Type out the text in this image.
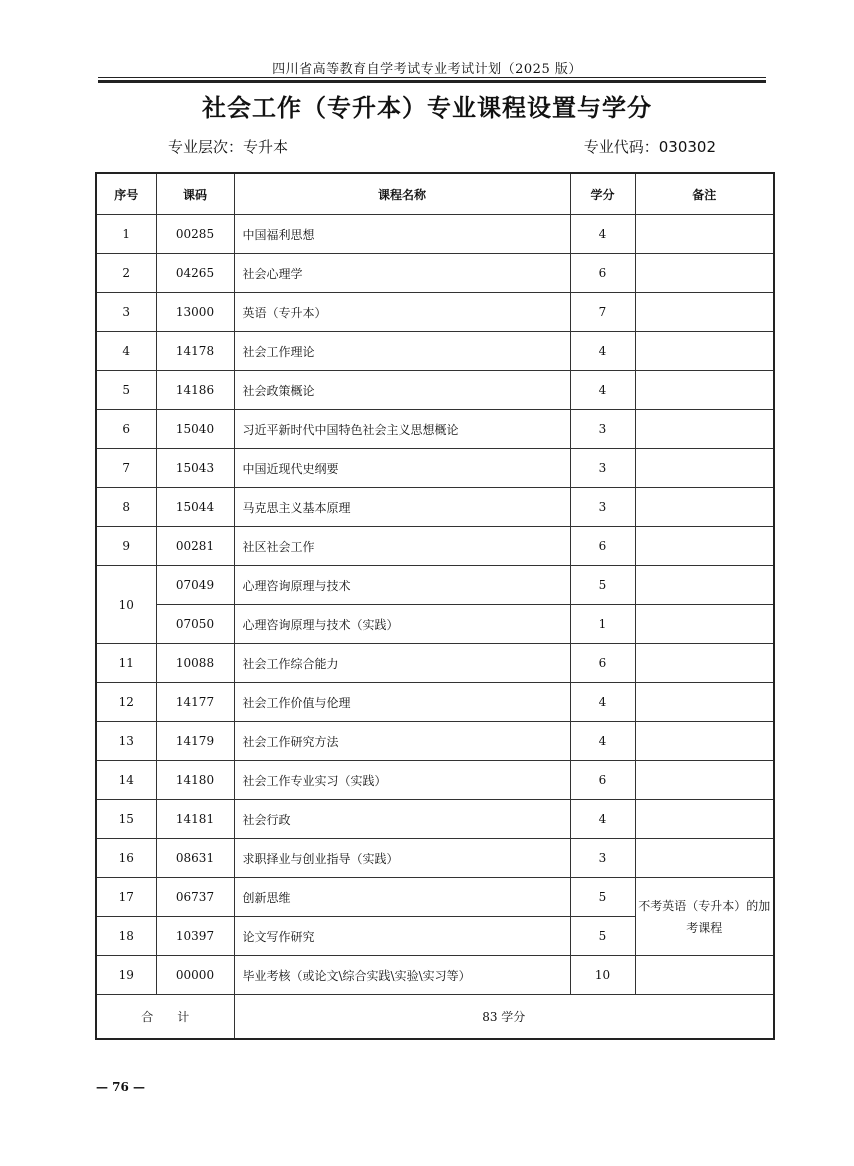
四川省高等教育自学考试专业考试计划（2025 版）
社会工作（专升本）专业课程设置与学分
专业层次：专升本	专业代码：030302
序号	课码	课程名称	学分	备注
1	00285	中国福利思想	4	
2	04265	社会心理学	6	
3	13000	英语（专升本）	7	
4	14178	社会工作理论	4	
5	14186	社会政策概论	4	
6	15040	习近平新时代中国特色社会主义思想概论	3	
7	15043	中国近现代史纲要	3	
8	15044	马克思主义基本原理	3	
9	00281	社区社会工作	6	
10	07049	心理咨询原理与技术	5	
	07050	心理咨询原理与技术（实践）	1	
11	10088	社会工作综合能力	6	
12	14177	社会工作价值与伦理	4	
13	14179	社会工作研究方法	4	
14	14180	社会工作专业实习（实践）	6	
15	14181	社会行政	4	
16	08631	求职择业与创业指导（实践）	3	
17	06737	创新思维	5	不考英语（专升本）的加考课程
18	10397	论文写作研究	5	
19	00000	毕业考核（或论文\综合实践\实验\实习等）	10	
合　　计		83 学分		
— 76 —
